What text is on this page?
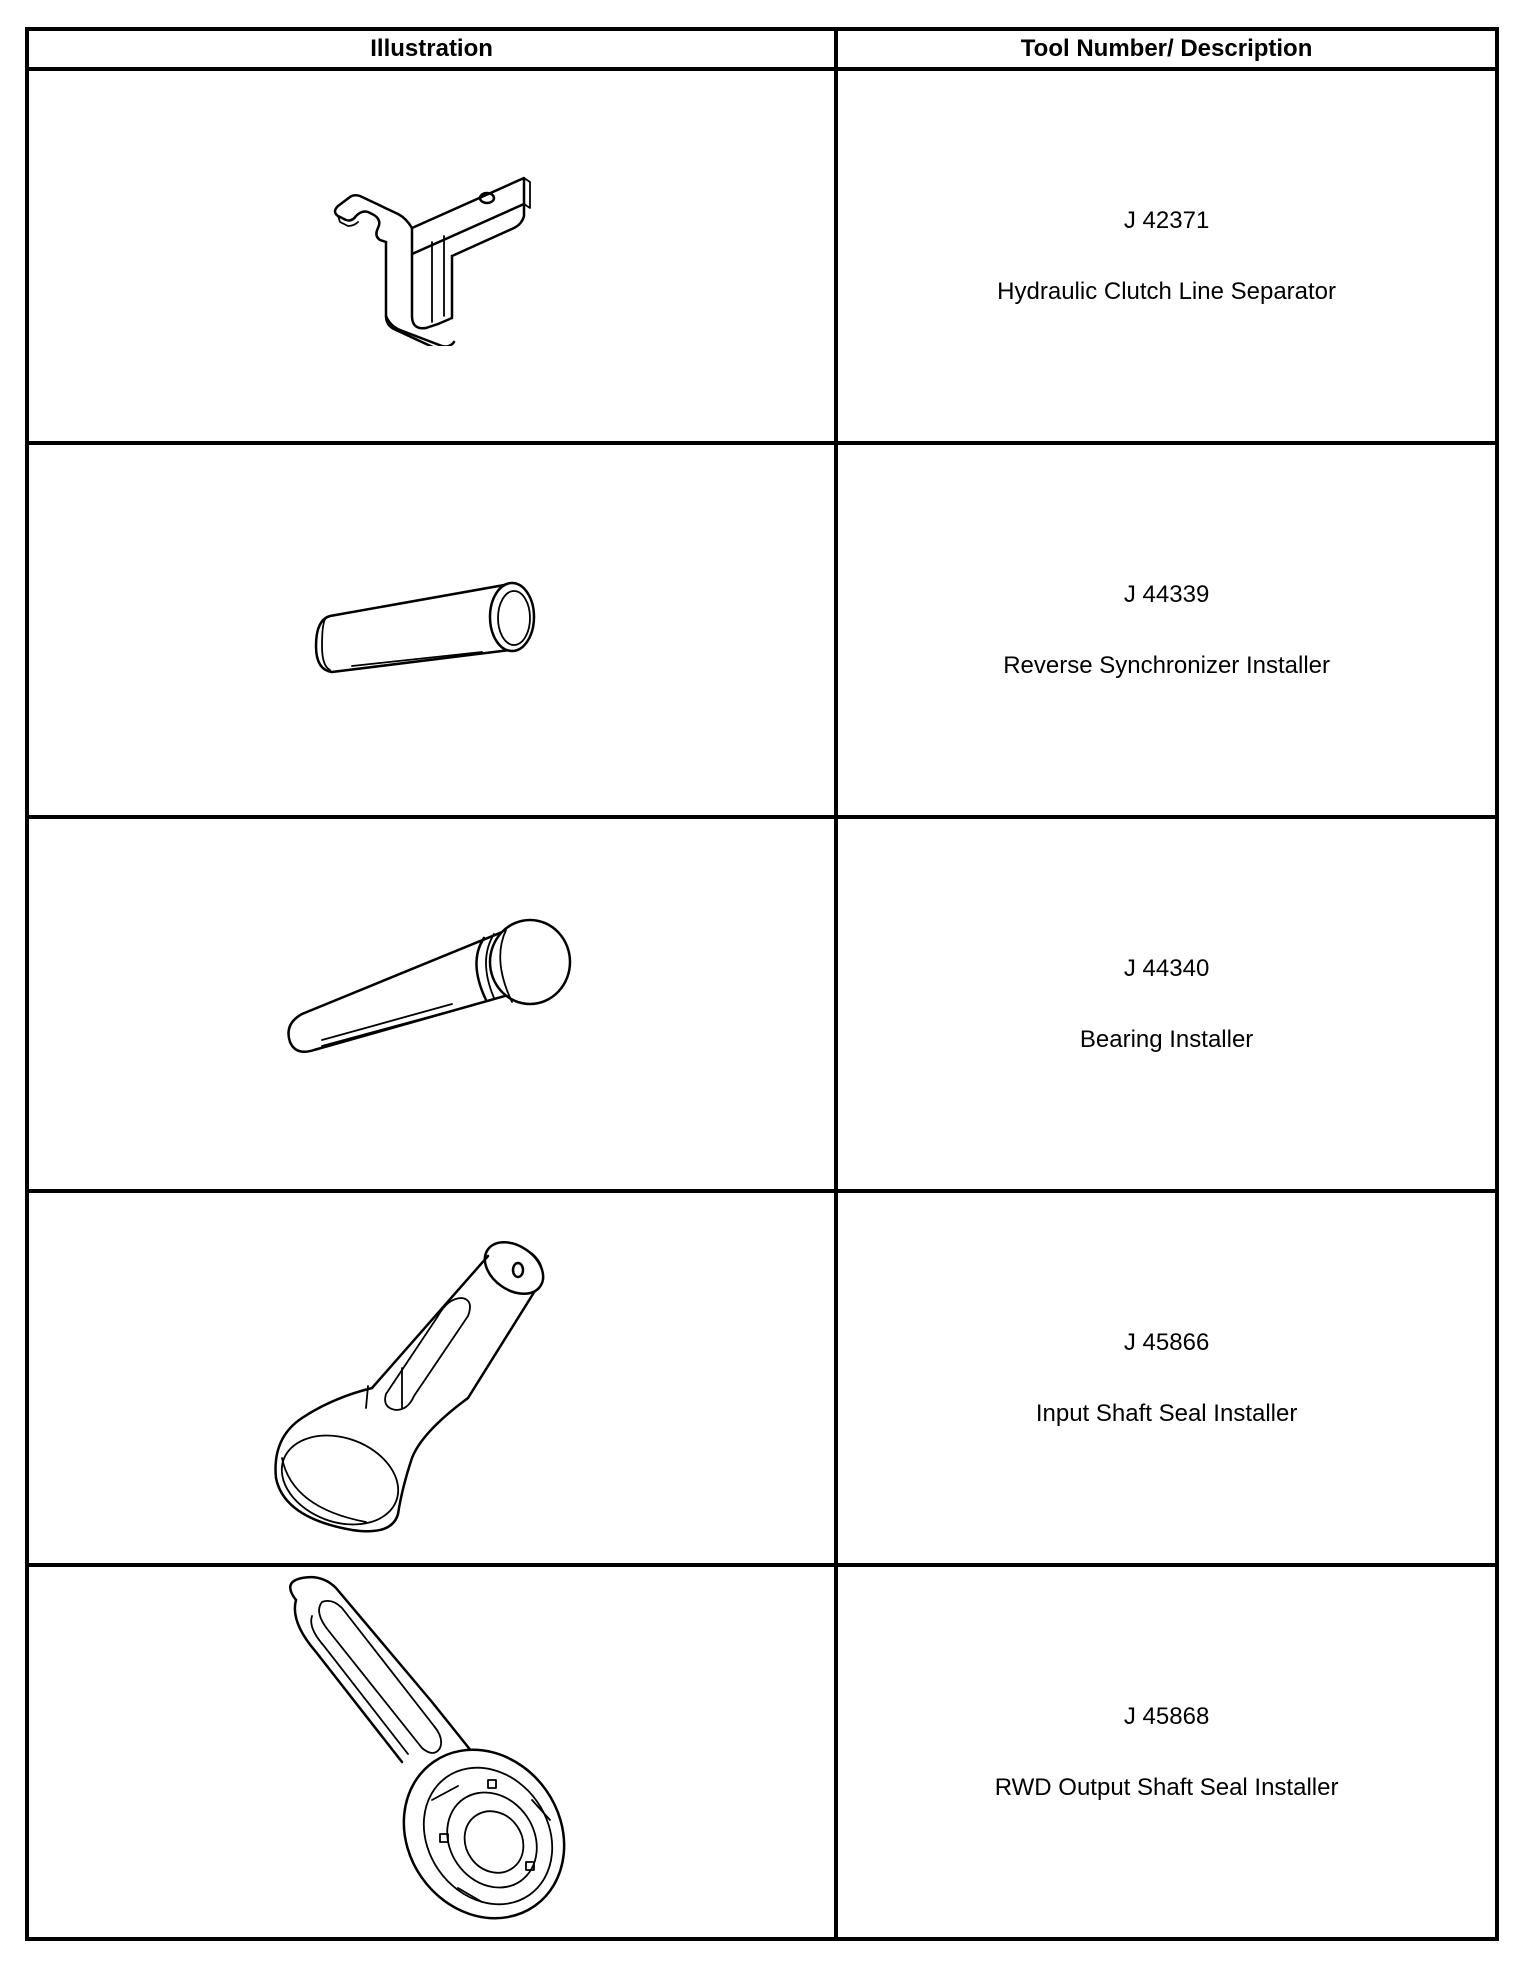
Illustration	Tool Number/ Description

J 42371
Hydraulic Clutch Line Separator

J 44339
Reverse Synchronizer Installer

J 44340
Bearing Installer

J 45866
Input Shaft Seal Installer

J 45868
RWD Output Shaft Seal Installer
